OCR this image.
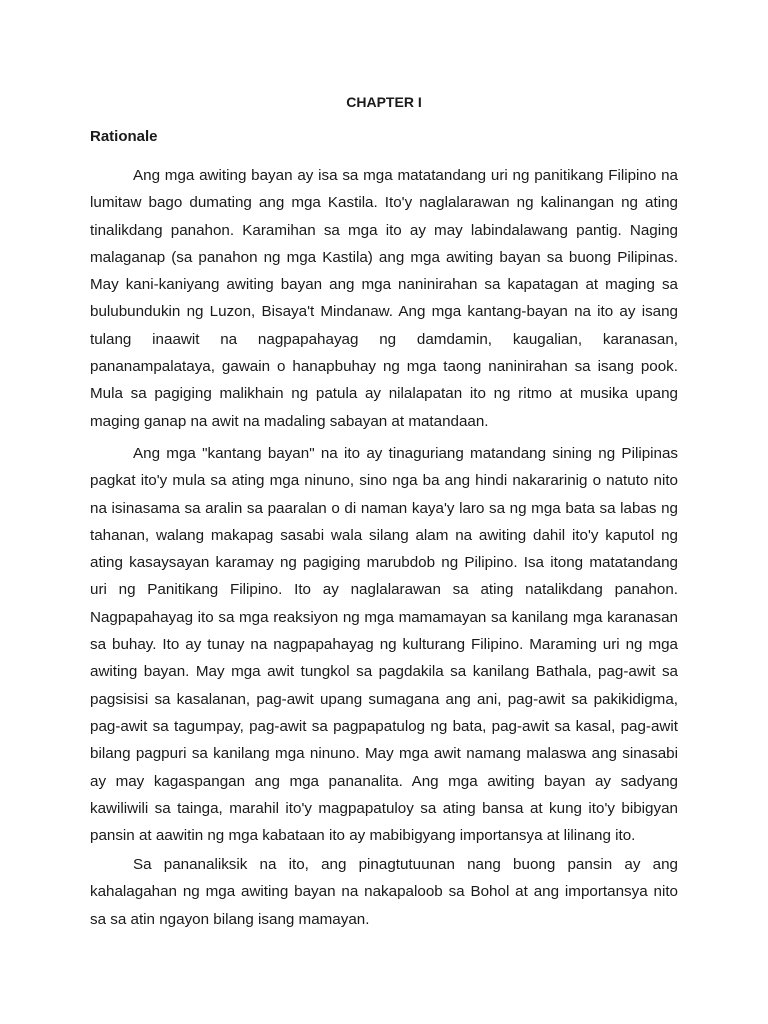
CHAPTER I
Rationale

Ang mga awiting bayan ay isa sa mga matatandang uri ng panitikang Filipino na lumitaw bago dumating ang mga Kastila. Ito'y naglalarawan ng kalinangan ng ating tinalikdang panahon. Karamihan sa mga ito ay may labindalawang pantig. Naging malaganap (sa panahon ng mga Kastila) ang mga awiting bayan sa buong Pilipinas. May kani-kaniyang awiting bayan ang mga naninirahan sa kapatagan at maging sa bulubundukin ng Luzon, Bisaya't Mindanaw. Ang mga kantang-bayan na ito ay isang tulang inaawit na nagpapahayag ng damdamin, kaugalian, karanasan, pananampalataya, gawain o hanapbuhay ng mga taong naninirahan sa isang pook. Mula sa pagiging malikhain ng patula ay nilalapatan ito ng ritmo at musika upang maging ganap na awit na madaling sabayan at matandaan.

Ang mga "kantang bayan" na ito ay tinaguriang matandang sining ng Pilipinas pagkat ito'y mula sa ating mga ninuno, sino nga ba ang hindi nakararinig o natuto nito na isinasama sa aralin sa paaralan o di naman kaya'y laro sa ng mga bata sa labas ng tahanan, walang makapag sasabi wala silang alam na awiting dahil ito'y kaputol ng ating kasaysayan karamay ng pagiging marubdob ng Pilipino. Isa itong matatandang uri ng Panitikang Filipino. Ito ay naglalarawan sa ating natalikdang panahon. Nagpapahayag ito sa mga reaksiyon ng mga mamamayan sa kanilang mga karanasan sa buhay. Ito ay tunay na nagpapahayag ng kulturang Filipino. Maraming uri ng mga awiting bayan. May mga awit tungkol sa pagdakila sa kanilang Bathala, pag-awit sa pagsisisi sa kasalanan, pag-awit upang sumagana ang ani, pag-awit sa pakikidigma, pag-awit sa tagumpay, pag-awit sa pagpapatulog ng bata, pag-awit sa kasal, pag-awit bilang pagpuri sa kanilang mga ninuno. May mga awit namang malaswa ang sinasabi ay may kagaspangan ang mga pananalita. Ang mga awiting bayan ay sadyang kawiliwili sa tainga, marahil ito'y magpapatuloy sa ating bansa at kung ito'y bibigyan pansin at aawitin ng mga kabataan ito ay mabibigyang importansya at lilinang ito.

Sa pananaliksik na ito, ang pinagtutuunan nang buong pansin ay ang kahalagahan ng mga awiting bayan na nakapaloob sa Bohol at ang importansya nito sa sa atin ngayon bilang isang mamayan.
